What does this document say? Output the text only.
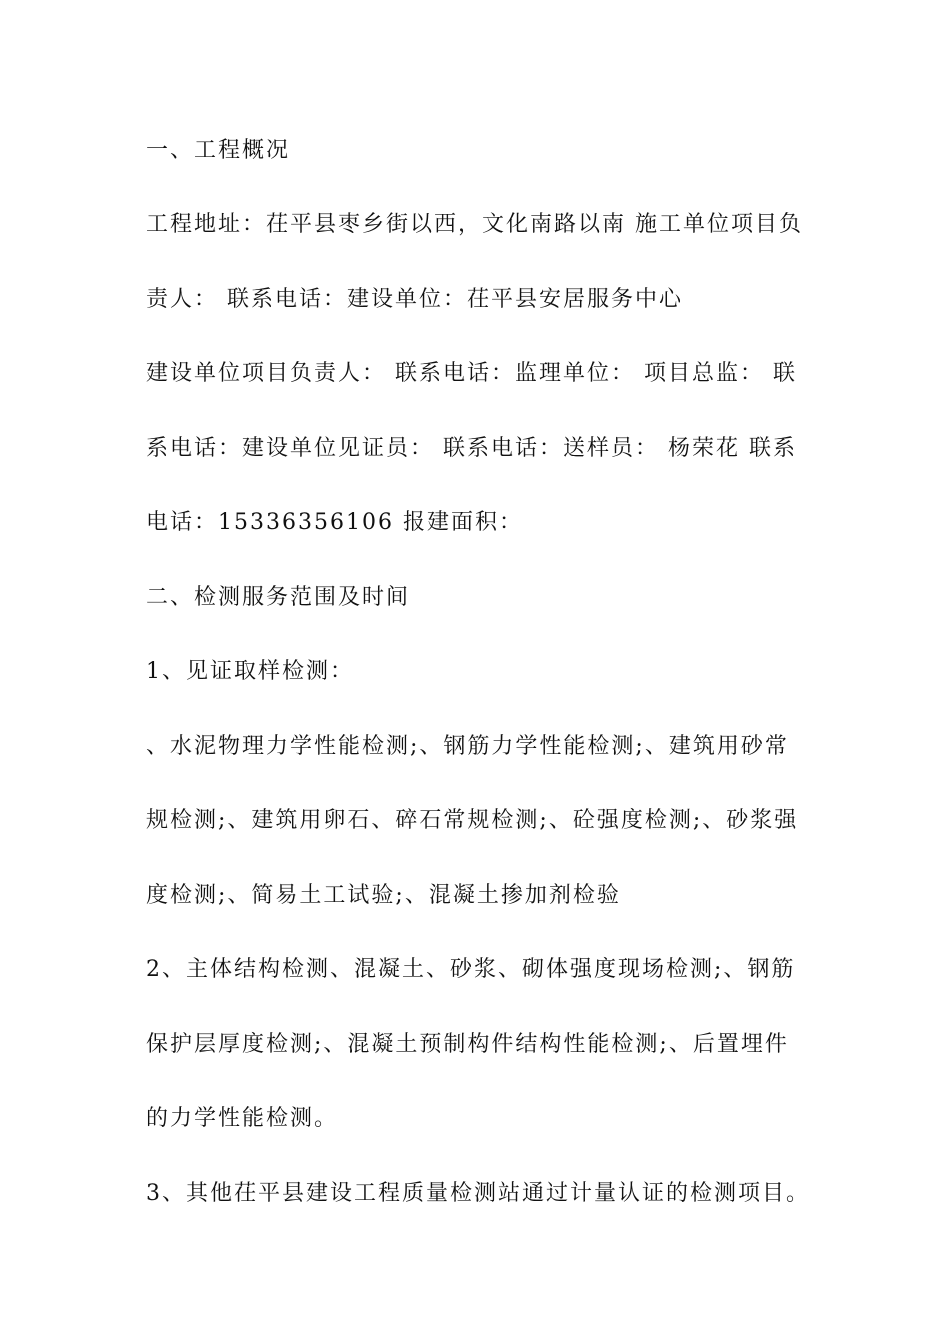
一、工程概况
工程地址：茌平县枣乡街以西，文化南路以南 施工单位项目负
责人： 联系电话：建设单位：茌平县安居服务中心
建设单位项目负责人： 联系电话：监理单位： 项目总监： 联
系电话：建设单位见证员： 联系电话：送样员： 杨荣花 联系
电话：15336356106 报建面积：
二、检测服务范围及时间
1、见证取样检测：
、水泥物理力学性能检测;、钢筋力学性能检测;、建筑用砂常
规检测;、建筑用卵石、碎石常规检测;、砼强度检测;、砂浆强
度检测;、简易土工试验;、混凝土掺加剂检验
2、主体结构检测、混凝土、砂浆、砌体强度现场检测;、钢筋
保护层厚度检测;、混凝土预制构件结构性能检测;、后置埋件
的力学性能检测。
3、其他茌平县建设工程质量检测站通过计量认证的检测项目。
